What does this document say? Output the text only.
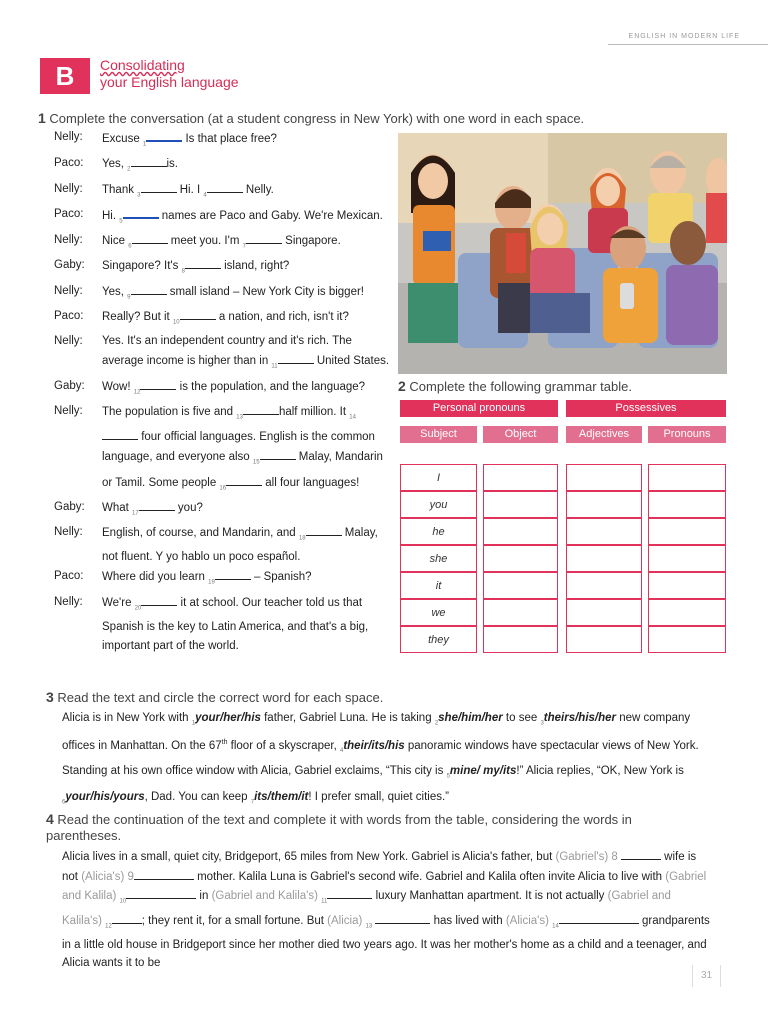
ENGLISH IN MODERN LIFE
B	Consolidating
your English language
1 Complete the conversation (at a student congress in New York) with one word in each space.
Nelly:	Excuse $_1$	Is that place free?
Paco:	Yes, $_2$	is.
Nelly:	Thank $_3$	Hi. I $_4$	Nelly.
Paco:	Hi. $_5$	names are Paco and Gaby. We're Mexican.
Nelly:	Nice $_6$	meet you. I'm $_7$	Singapore.
Gaby:	Singapore? It's $_8$	island, right?
Nelly:	Yes, $_9$	small island – New York City is bigger!
Paco:	Really? But it $_{10}$	a nation, and rich, isn't it?
Nelly:	Yes. It's an independent country and it's rich. The average income is higher than in $_{11}$	United States.
Gaby:	Wow! $_{12}$	is the population, and the language?
Nelly:	The population is five and $_{13}$	half million. It $_{14}$ four official languages. English is the common language, and everyone also $_{15}$	Malay, Mandarin or Tamil. Some people $_{16}$	all four languages!
Gaby:	What $_{17}$	you?
Nelly:	English, of course, and Mandarin, and $_{18}$	Malay, not fluent. Y yo hablo un poco español.
Paco:	Where did you learn $_{19}$	– Spanish?
Nelly:	We're $_{20}$	it at school. Our teacher told us that Spanish is the key to Latin America, and that's a big, important part of the world.
2 Complete the following grammar table.
Personal pronouns	Possessives
Subject	Object	Adjectives	Pronouns
I
you
he
she
it
we
they
3 Read the text and circle the correct word for each space.
Alicia is in New York with $_1$your/her/his father, Gabriel Luna. He is taking $_2$she/him/her to see $_3$theirs/his/her new company offices in Manhattan. On the 67th floor of a skyscraper, $_4$their/its/his panoramic windows have spectacular views of New York. Standing at his own office window with Alicia, Gabriel exclaims, “This city is $_5$mine/ my/its!” Alicia replies, “OK, New York is $_6$your/his/yours, Dad. You can keep $_7$its/them/it! I prefer small, quiet cities.”
4 Read the continuation of the text and complete it with words from the table, considering the words in parentheses.
Alicia lives in a small, quiet city, Bridgeport, 65 miles from New York. Gabriel is Alicia's father, but (Gabriel's) 8	wife is not (Alicia's) 9	mother. Kalila Luna is Gabriel's second wife. Gabriel and Kalila often invite Alicia to live with (Gabriel and Kalila) $_{10}$	in (Gabriel and Kalila's) $_{11}$	luxury Manhattan apartment. It is not actually (Gabriel and Kalila's) $_{12}$	; they rent it, for a small fortune. But (Alicia) $_{13}$	has lived with (Alicia's) $_{14}$	grandparents in a little old house in Bridgeport since her mother died two years ago. It was her mother's home as a child and a teenager, and Alicia wants it to be
31
